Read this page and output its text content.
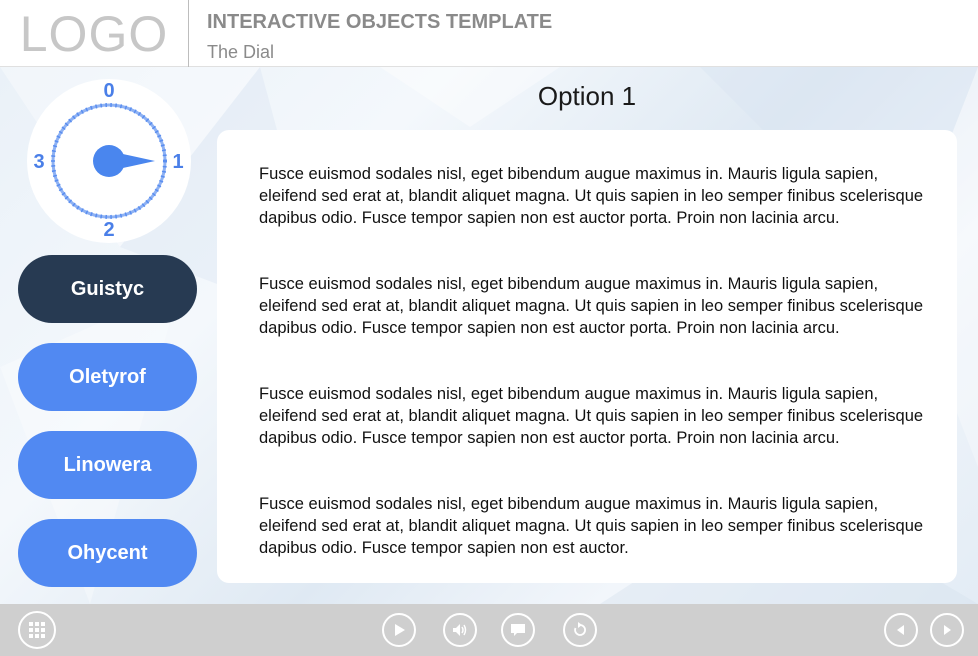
LOGO	INTERACTIVE OBJECTS TEMPLATE
The Dial
0
1
2
3
Guistyc
Oletyrof
Linowera
Ohycent
Option 1

Fusce euismod sodales nisl, eget bibendum augue maximus in. Mauris ligula sapien, eleifend sed erat at, blandit aliquet magna. Ut quis sapien in leo semper finibus scelerisque dapibus odio. Fusce tempor sapien non est auctor porta. Proin non lacinia arcu.

Fusce euismod sodales nisl, eget bibendum augue maximus in. Mauris ligula sapien, eleifend sed erat at, blandit aliquet magna. Ut quis sapien in leo semper finibus scelerisque dapibus odio. Fusce tempor sapien non est auctor porta. Proin non lacinia arcu.

Fusce euismod sodales nisl, eget bibendum augue maximus in. Mauris ligula sapien, eleifend sed erat at, blandit aliquet magna. Ut quis sapien in leo semper finibus scelerisque dapibus odio. Fusce tempor sapien non est auctor porta. Proin non lacinia arcu.

Fusce euismod sodales nisl, eget bibendum augue maximus in. Mauris ligula sapien, eleifend sed erat at, blandit aliquet magna. Ut quis sapien in leo semper finibus scelerisque dapibus odio. Fusce tempor sapien non est auctor.
